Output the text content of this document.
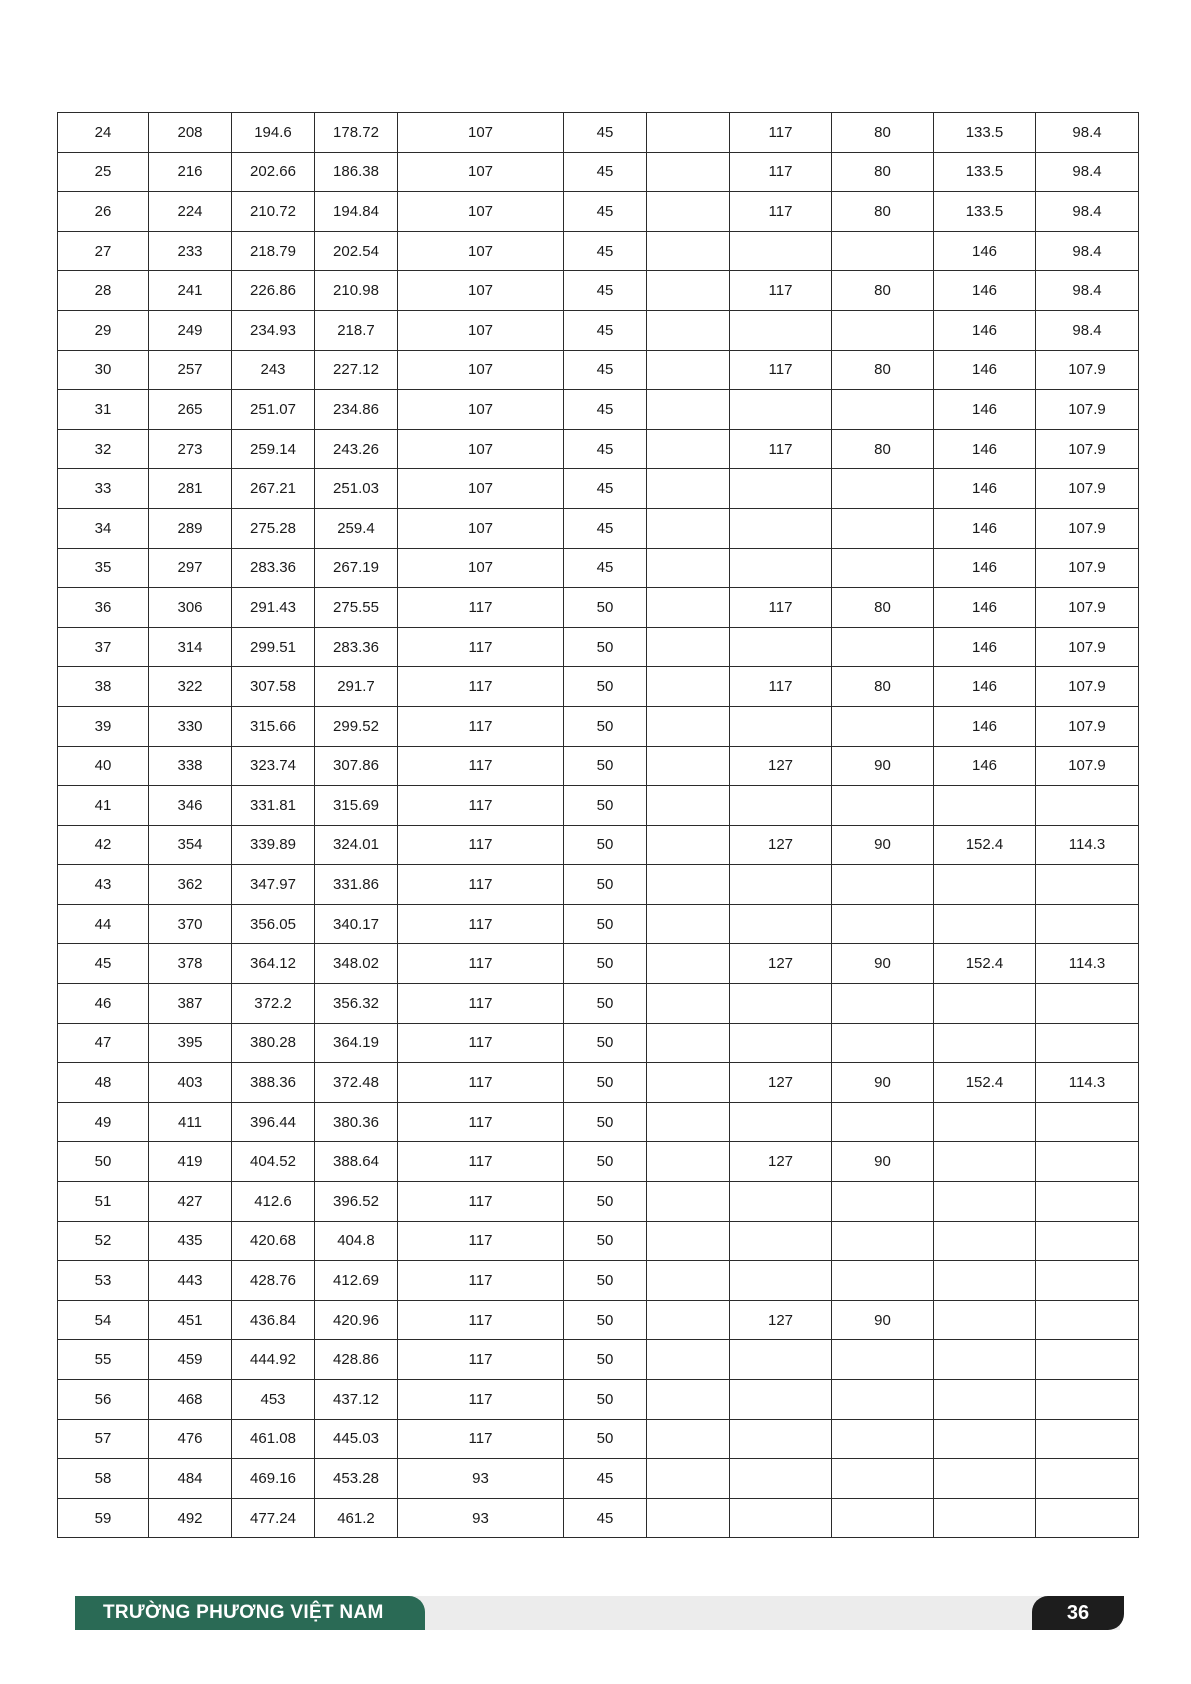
24	208	194.6	178.72	107	45		117	80	133.5	98.4
25	216	202.66	186.38	107	45		117	80	133.5	98.4
26	224	210.72	194.84	107	45		117	80	133.5	98.4
27	233	218.79	202.54	107	45				146	98.4
28	241	226.86	210.98	107	45		117	80	146	98.4
29	249	234.93	218.7	107	45				146	98.4
30	257	243	227.12	107	45		117	80	146	107.9
31	265	251.07	234.86	107	45				146	107.9
32	273	259.14	243.26	107	45		117	80	146	107.9
33	281	267.21	251.03	107	45				146	107.9
34	289	275.28	259.4	107	45				146	107.9
35	297	283.36	267.19	107	45				146	107.9
36	306	291.43	275.55	117	50		117	80	146	107.9
37	314	299.51	283.36	117	50				146	107.9
38	322	307.58	291.7	117	50		117	80	146	107.9
39	330	315.66	299.52	117	50				146	107.9
40	338	323.74	307.86	117	50		127	90	146	107.9
41	346	331.81	315.69	117	50					
42	354	339.89	324.01	117	50		127	90	152.4	114.3
43	362	347.97	331.86	117	50					
44	370	356.05	340.17	117	50					
45	378	364.12	348.02	117	50		127	90	152.4	114.3
46	387	372.2	356.32	117	50					
47	395	380.28	364.19	117	50					
48	403	388.36	372.48	117	50		127	90	152.4	114.3
49	411	396.44	380.36	117	50					
50	419	404.52	388.64	117	50		127	90		
51	427	412.6	396.52	117	50					
52	435	420.68	404.8	117	50					
53	443	428.76	412.69	117	50					
54	451	436.84	420.96	117	50		127	90		
55	459	444.92	428.86	117	50					
56	468	453	437.12	117	50					
57	476	461.08	445.03	117	50					
58	484	469.16	453.28	93	45					
59	492	477.24	461.2	93	45					
TRƯỜNG PHƯƠNG VIỆT NAM	36
